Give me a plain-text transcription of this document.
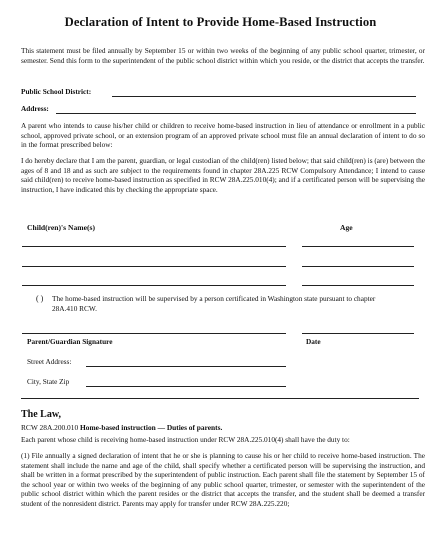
Declaration of Intent to Provide Home-Based Instruction
This statement must be filed annually by September 15 or within two weeks of the beginning of any public school quarter, trimester, or semester. Send this form to the superintendent of the public school district within which you reside, or the district that accepts the transfer.
Public School District:
Address:
A parent who intends to cause his/her child or children to receive home-based instruction in lieu of attendance or enrollment in a public school, approved private school, or an extension program of an approved private school must file an annual declaration of intent to do so in the format prescribed below:
I do hereby declare that I am the parent, guardian, or legal custodian of the child(ren) listed below; that said child(ren) is (are) between the ages of 8 and 18 and as such are subject to the requirements found in chapter 28A.225 RCW Compulsory Attendance; I intend to cause said child(ren) to receive home-based instruction as specified in RCW 28A.225.010(4); and if a certificated person will be supervising the instruction, I have indicated this by checking the appropriate space.
Child(ren)'s Name(s)	Age
( ) The home-based instruction will be supervised by a person certificated in Washington state pursuant to chapter 28A.410 RCW.
Parent/Guardian Signature	Date
Street Address:
City, State Zip
The Law,
RCW 28A.200.010 Home-based instruction — Duties of parents.
Each parent whose child is receiving home-based instruction under RCW 28A.225.010(4) shall have the duty to:
(1) File annually a signed declaration of intent that he or she is planning to cause his or her child to receive home-based instruction. The statement shall include the name and age of the child, shall specify whether a certificated person will be supervising the instruction, and shall be written in a format prescribed by the superintendent of public instruction. Each parent shall file the statement by September 15 of the school year or within two weeks of the beginning of any public school quarter, trimester, or semester with the superintendent of the public school district within which the parent resides or the district that accepts the transfer, and the student shall be deemed a transfer student of the nonresident district. Parents may apply for transfer under RCW 28A.225.220;
